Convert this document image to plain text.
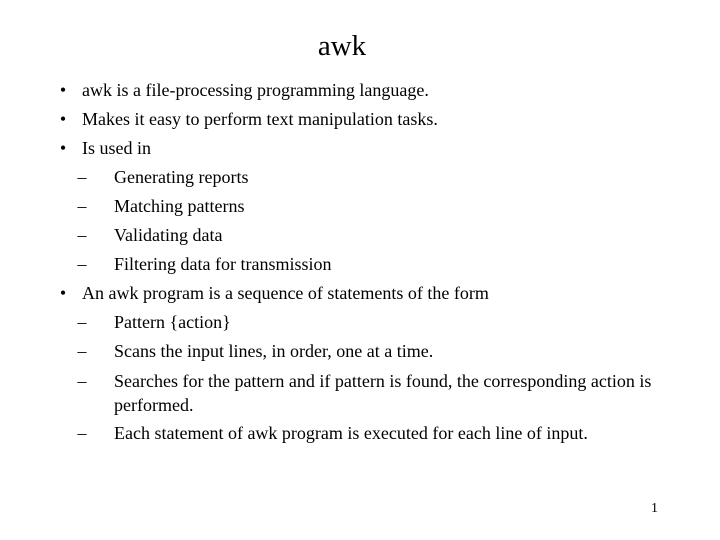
awk
• awk is a file-processing programming language.
• Makes it easy to perform text manipulation tasks.
• Is used in
–	Generating reports
–	Matching patterns
–	Validating data
–	Filtering data for transmission
• An awk program is a sequence of statements of the form
–	Pattern {action}
–	Scans the input lines, in order, one at a time.
–	Searches for the pattern and if pattern is found, the corresponding action is performed.
–	Each statement of awk program is executed for each line of input.
1
